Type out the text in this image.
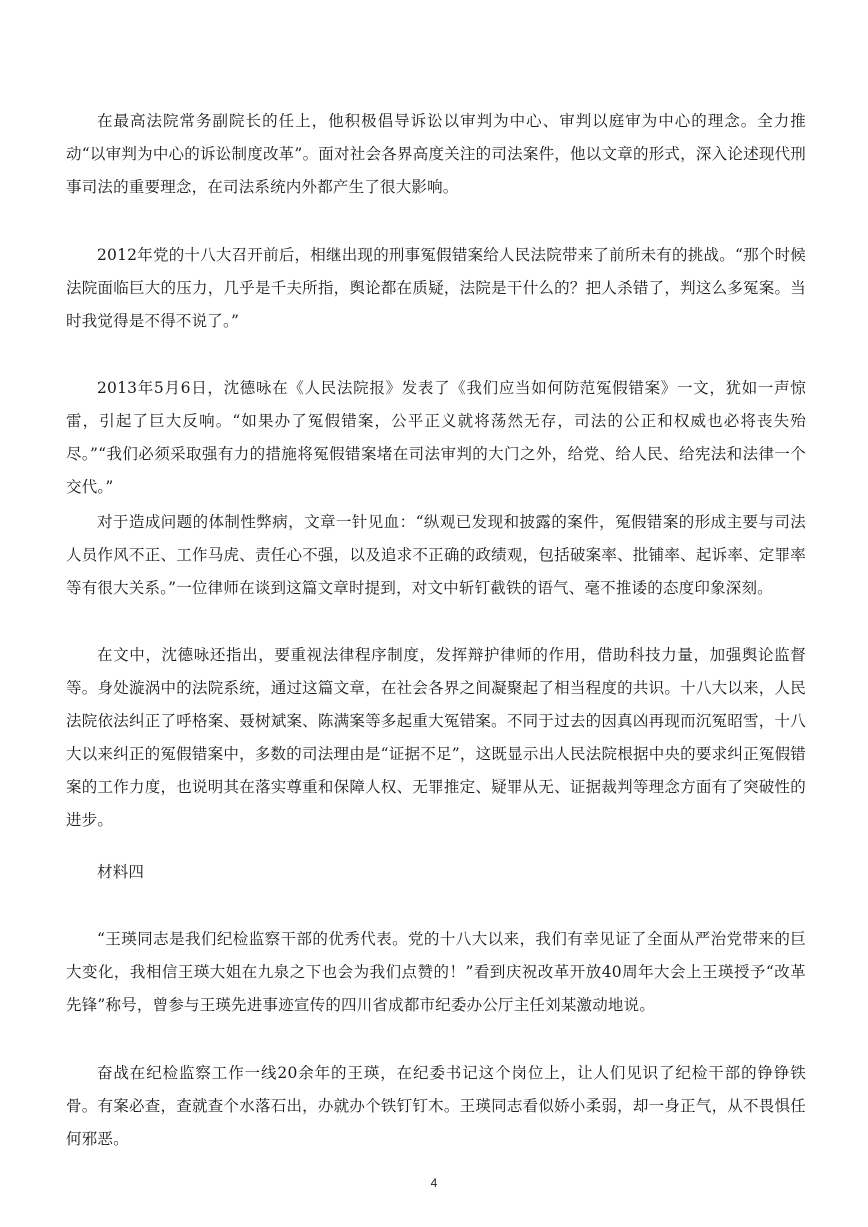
在最高法院常务副院长的任上，他积极倡导诉讼以审判为中心、审判以庭审为中心的理念。全力推动“以审判为中心的诉讼制度改革”。面对社会各界高度关注的司法案件，他以文章的形式，深入论述现代刑事司法的重要理念，在司法系统内外都产生了很大影响。

2012年党的十八大召开前后，相继出现的刑事冤假错案给人民法院带来了前所未有的挑战。“那个时候法院面临巨大的压力，几乎是千夫所指，舆论都在质疑，法院是干什么的？把人杀错了，判这么多冤案。当时我觉得是不得不说了。”

2013年5月6日，沈德咏在《人民法院报》发表了《我们应当如何防范冤假错案》一文，犹如一声惊雷，引起了巨大反响。“如果办了冤假错案，公平正义就将荡然无存，司法的公正和权威也必将丧失殆尽。”“我们必须采取强有力的措施将冤假错案堵在司法审判的大门之外，给党、给人民、给宪法和法律一个交代。”

对于造成问题的体制性弊病，文章一针见血：“纵观已发现和披露的案件，冤假错案的形成主要与司法人员作风不正、工作马虎、责任心不强，以及追求不正确的政绩观，包括破案率、批铺率、起诉率、定罪率等有很大关系。”一位律师在谈到这篇文章时提到，对文中斩钉截铁的语气、毫不推诿的态度印象深刻。

在文中，沈德咏还指出，要重视法律程序制度，发挥辩护律师的作用，借助科技力量，加强舆论监督等。身处漩涡中的法院系统，通过这篇文章，在社会各界之间凝聚起了相当程度的共识。十八大以来，人民法院依法纠正了呼格案、聂树斌案、陈满案等多起重大冤错案。不同于过去的因真凶再现而沉冤昭雪，十八大以来纠正的冤假错案中，多数的司法理由是“证据不足”，这既显示出人民法院根据中央的要求纠正冤假错案的工作力度，也说明其在落实尊重和保障人权、无罪推定、疑罪从无、证据裁判等理念方面有了突破性的进步。

材料四

“王瑛同志是我们纪检监察干部的优秀代表。党的十八大以来，我们有幸见证了全面从严治党带来的巨大变化，我相信王瑛大姐在九泉之下也会为我们点赞的！”看到庆祝改革开放40周年大会上王瑛授予“改革先锋”称号，曾参与王瑛先进事迹宣传的四川省成都市纪委办公厅主任刘某激动地说。

奋战在纪检监察工作一线20余年的王瑛，在纪委书记这个岗位上，让人们见识了纪检干部的铮铮铁骨。有案必查，查就查个水落石出，办就办个铁钉钉木。王瑛同志看似娇小柔弱，却一身正气，从不畏惧任何邪恶。

4
